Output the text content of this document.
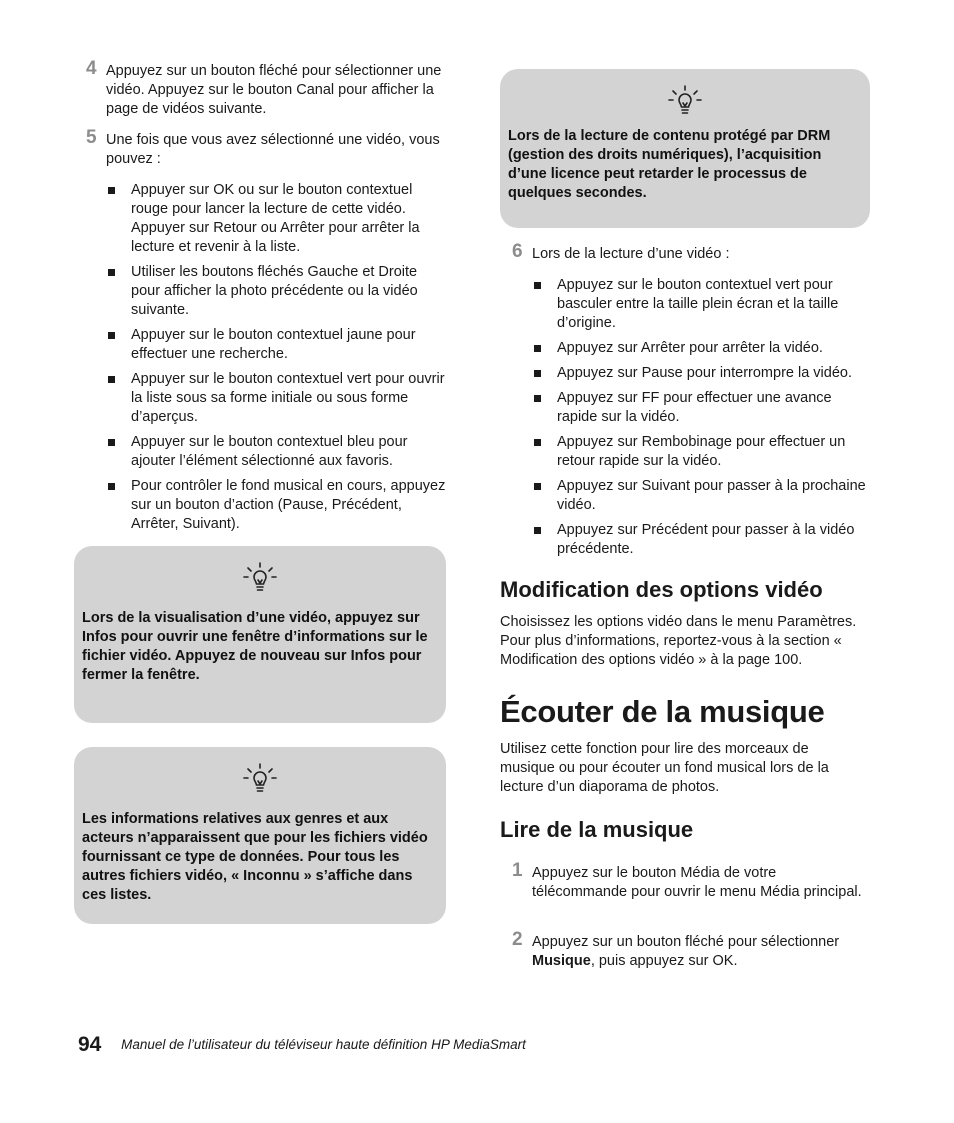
4 Appuyez sur un bouton fléché pour sélectionner une vidéo. Appuyez sur le bouton Canal pour afficher la page de vidéos suivante.
5 Une fois que vous avez sélectionné une vidéo, vous pouvez :
Appuyer sur OK ou sur le bouton contextuel rouge pour lancer la lecture de cette vidéo. Appuyer sur Retour ou Arrêter pour arrêter la lecture et revenir à la liste.
Utiliser les boutons fléchés Gauche et Droite pour afficher la photo précédente ou la vidéo suivante.
Appuyer sur le bouton contextuel jaune pour effectuer une recherche.
Appuyer sur le bouton contextuel vert pour ouvrir la liste sous sa forme initiale ou sous forme d’aperçus.
Appuyer sur le bouton contextuel bleu pour ajouter l’élément sélectionné aux favoris.
Pour contrôler le fond musical en cours, appuyez sur un bouton d’action (Pause, Précédent, Arrêter, Suivant).
Lors de la visualisation d’une vidéo, appuyez sur Infos pour ouvrir une fenêtre d’informations sur le fichier vidéo. Appuyez de nouveau sur Infos pour fermer la fenêtre.
Les informations relatives aux genres et aux acteurs n’apparaissent que pour les fichiers vidéo fournissant ce type de données. Pour tous les autres fichiers vidéo, « Inconnu » s’affiche dans ces listes.
Lors de la lecture de contenu protégé par DRM (gestion des droits numériques), l’acquisition d’une licence peut retarder le processus de quelques secondes.
6 Lors de la lecture d’une vidéo :
Appuyez sur le bouton contextuel vert pour basculer entre la taille plein écran et la taille d’origine.
Appuyez sur Arrêter pour arrêter la vidéo.
Appuyez sur Pause pour interrompre la vidéo.
Appuyez sur FF pour effectuer une avance rapide sur la vidéo.
Appuyez sur Rembobinage pour effectuer un retour rapide sur la vidéo.
Appuyez sur Suivant pour passer à la prochaine vidéo.
Appuyez sur Précédent pour passer à la vidéo précédente.
Modification des options vidéo
Choisissez les options vidéo dans le menu Paramètres. Pour plus d’informations, reportez-vous à la section « Modification des options vidéo » à la page 100.
Écouter de la musique
Utilisez cette fonction pour lire des morceaux de musique ou pour écouter un fond musical lors de la lecture d’un diaporama de photos.
Lire de la musique
1 Appuyez sur le bouton Média de votre télécommande pour ouvrir le menu Média principal.
2 Appuyez sur un bouton fléché pour sélectionner Musique, puis appuyez sur OK.
94 Manuel de l’utilisateur du téléviseur haute définition HP MediaSmart
